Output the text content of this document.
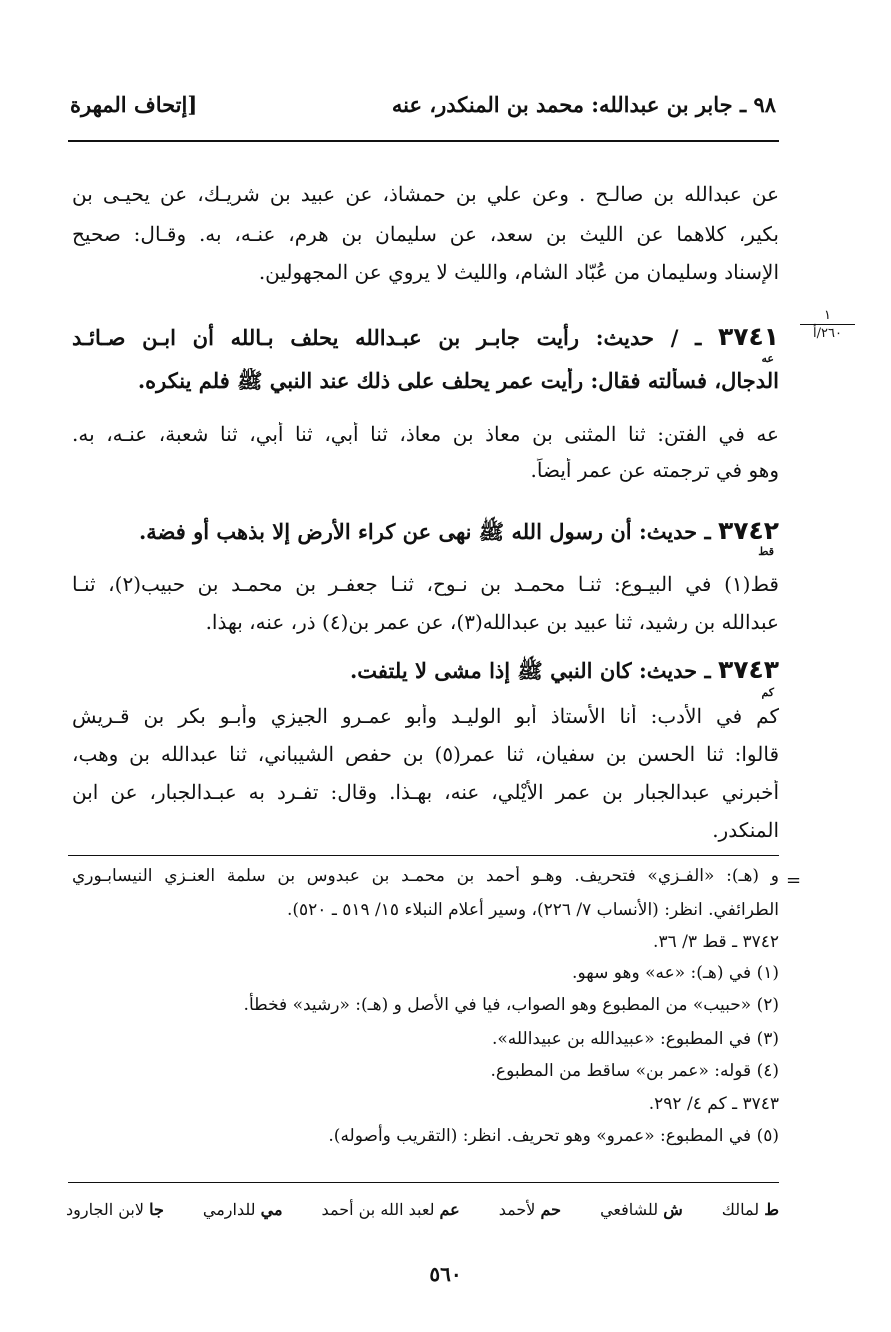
٩٨ ـ جابر بن عبدالله: محمد بن المنكدر، عنه
[إتحاف المهرة
عن عبدالله بن صالـح . وعن علي بن حمشاذ، عن عبيد بن شريـك، عن يحيـى بن
بكير، كلاهما عن الليث بن سعد، عن سليمان بن هرم، عنـه، به. وقـال: صحيح
الإسناد وسليمان من عُبّاد الشام، والليث لا يروي عن المجهولين.
١
٢٦٠/أ
٣٧٤١ ـ / حديث: رأيت جابـر بن عبـدالله يحلف بـالله أن ابـن صـائـد
عه
الدجال، فسألته فقال: رأيت عمر يحلف على ذلك عند النبي ﷺ فلم ينكره.
عه في الفتن: ثنا المثنى بن معاذ بن معاذ، ثنا أبي، ثنا أبي، ثنا شعبة، عنـه، به.
وهو في ترجمته عن عمر أيضاً.
٣٧٤٢ ـ حديث: أن رسول الله ﷺ نهى عن كراء الأرض إلا بذهب أو فضة.
قط
قط(١) في البيـوع: ثنـا محمـد بن نـوح، ثنـا جعفـر بن محمـد بن حبيب(٢)، ثنـا
عبدالله بن رشيد، ثنا عبيد بن عبدالله(٣)، عن عمر بن(٤) ذر، عنه، بهذا.
٣٧٤٣ ـ حديث: كان النبي ﷺ إذا مشى لا يلتفت.
كم
كم في الأدب: أنا الأستاذ أبو الوليـد وأبو عمـرو الجيزي وأبـو بكر بن قـريش
قالوا: ثنا الحسن بن سفيان، ثنا عمر(٥) بن حفص الشيباني، ثنا عبدالله بن وهب،
أخبرني عبدالجبار بن عمر الأَيْلي، عنه، بهـذا. وقال: تفـرد به عبـدالجبار، عن ابن
المنكدر.
=
و (هـ): «الفـزي» فتحريف. وهـو أحمد بن محمـد بن عبدوس بن سلمة العنـزي النيسابـوري
الطرائفي. انظر: (الأنساب ٧/ ٢٢٦)، وسير أعلام النبلاء ١٥/ ٥١٩ ـ ٥٢٠).
٣٧٤٢ ـ قط ٣/ ٣٦.
(١) في (هـ): «عه» وهو سهو.
(٢) «حبيب» من المطبوع وهو الصواب، فيا في الأصل و (هـ): «رشيد» فخطأ.
(٣) في المطبوع: «عبيدالله بن عبيدالله».
(٤) قوله: «عمر بن» ساقط من المطبوع.
٣٧٤٣ ـ كم ٤/ ٢٩٢.
(٥) في المطبوع: «عمرو» وهو تحريف. انظر: (التقريب وأصوله).
ط لمالك
ش للشافعي
حم لأحمد
عم لعبد الله بن أحمد
مي للدارمي
جا لابن الجارود
٥٦٠
